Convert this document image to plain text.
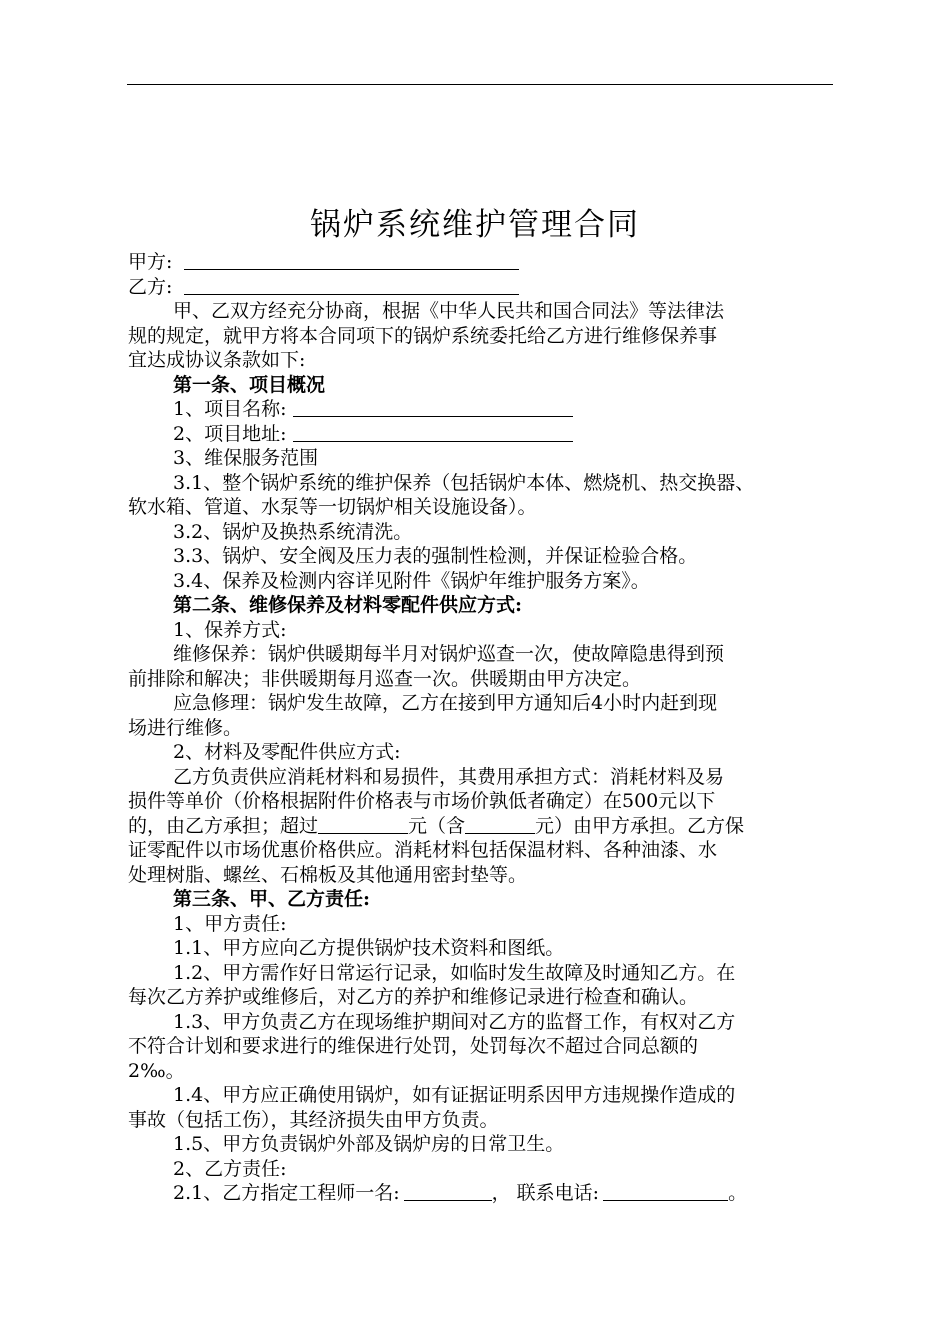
锅炉系统维护管理合同
甲方:
乙方:
甲、乙双方经充分协商，根据《中华人民共和国合同法》等法律法
规的规定，就甲方将本合同项下的锅炉系统委托给乙方进行维修保养事
宜达成协议条款如下:
第一条、项目概况
1、项目名称:
2、项目地址:
3、维保服务范围
3.1、整个锅炉系统的维护保养（包括锅炉本体、燃烧机、热交换器、
软水箱、管道、水泵等一切锅炉相关设施设备）。
3.2、锅炉及换热系统清洗。
3.3、锅炉、安全阀及压力表的强制性检测，并保证检验合格。
3.4、保养及检测内容详见附件《锅炉年维护服务方案》。
第二条、维修保养及材料零配件供应方式:
1、保养方式:
维修保养：锅炉供暖期每半月对锅炉巡查一次，使故障隐患得到预
前排除和解决；非供暖期每月巡查一次。供暖期由甲方决定。
应急修理：锅炉发生故障，乙方在接到甲方通知后4小时内赶到现
场进行维修。
2、材料及零配件供应方式:
乙方负责供应消耗材料和易损件，其费用承担方式：消耗材料及易
损件等单价（价格根据附件价格表与市场价孰低者确定）在500元以下
的，由乙方承担；超过	元（含	元）由甲方承担。乙方保
证零配件以市场优惠价格供应。消耗材料包括保温材料、各种油漆、水
处理树脂、螺丝、石棉板及其他通用密封垫等。
第三条、甲、乙方责任:
1、甲方责任:
1.1、甲方应向乙方提供锅炉技术资料和图纸。
1.2、甲方需作好日常运行记录，如临时发生故障及时通知乙方。在
每次乙方养护或维修后，对乙方的养护和维修记录进行检查和确认。
1.3、甲方负责乙方在现场维护期间对乙方的监督工作，有权对乙方
不符合计划和要求进行的维保进行处罚，处罚每次不超过合同总额的
2‰。
1.4、甲方应正确使用锅炉，如有证据证明系因甲方违规操作造成的
事故（包括工伤），其经济损失由甲方负责。
1.5、甲方负责锅炉外部及锅炉房的日常卫生。
2、乙方责任:
2.1、乙方指定工程师一名:	， 联系电话:	。
